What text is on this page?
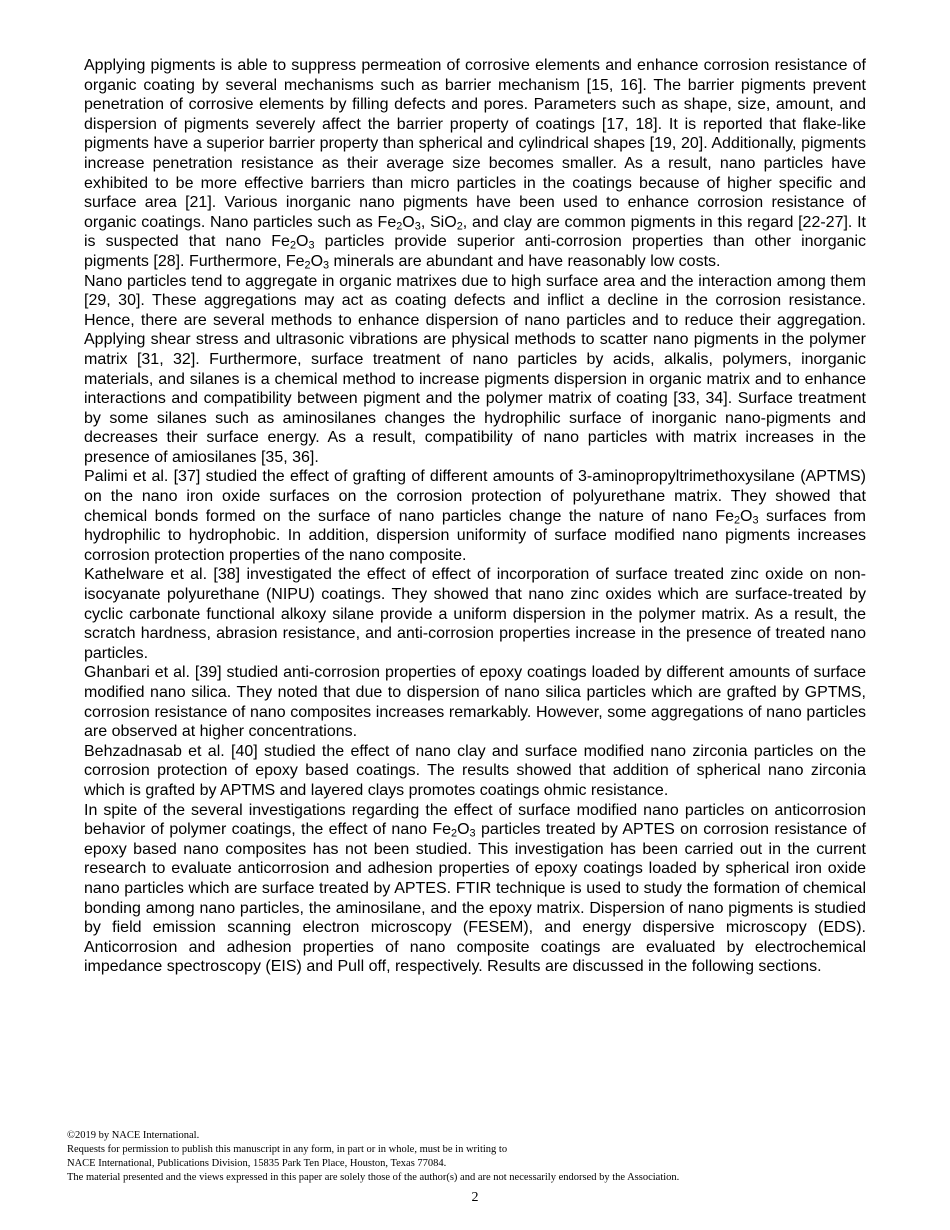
Applying pigments is able to suppress permeation of corrosive elements and enhance corrosion resistance of organic coating by several mechanisms such as barrier mechanism [15, 16]. The barrier pigments prevent penetration of corrosive elements by filling defects and pores. Parameters such as shape, size, amount, and dispersion of pigments severely affect the barrier property of coatings [17, 18]. It is reported that flake-like pigments have a superior barrier property than spherical and cylindrical shapes [19, 20]. Additionally, pigments increase penetration resistance as their average size becomes smaller. As a result, nano particles have exhibited to be more effective barriers than micro particles in the coatings because of higher specific and surface area [21]. Various inorganic nano pigments have been used to enhance corrosion resistance of organic coatings. Nano particles such as $Fe_2O_3$, SiO$_2$, and clay are common pigments in this regard [22-27]. It is suspected that nano $Fe_2O_3$ particles provide superior anti-corrosion properties than other inorganic pigments [28]. Furthermore, $Fe_2O_3$ minerals are abundant and have reasonably low costs.

Nano particles tend to aggregate in organic matrixes due to high surface area and the interaction among them [29, 30]. These aggregations may act as coating defects and inflict a decline in the corrosion resistance. Hence, there are several methods to enhance dispersion of nano particles and to reduce their aggregation. Applying shear stress and ultrasonic vibrations are physical methods to scatter nano pigments in the polymer matrix [31, 32]. Furthermore, surface treatment of nano particles by acids, alkalis, polymers, inorganic materials, and silanes is a chemical method to increase pigments dispersion in organic matrix and to enhance interactions and compatibility between pigment and the polymer matrix of coating [33, 34]. Surface treatment by some silanes such as aminosilanes changes the hydrophilic surface of inorganic nano-pigments and decreases their surface energy. As a result, compatibility of nano particles with matrix increases in the presence of amiosilanes [35, 36].

Palimi et al. [37] studied the effect of grafting of different amounts of 3-aminopropyltrimethoxysilane (APTMS) on the nano iron oxide surfaces on the corrosion protection of polyurethane matrix. They showed that chemical bonds formed on the surface of nano particles change the nature of nano $Fe_2O_3$ surfaces from hydrophilic to hydrophobic. In addition, dispersion uniformity of surface modified nano pigments increases corrosion protection properties of the nano composite.

Kathelware et al. [38] investigated the effect of effect of incorporation of surface treated zinc oxide on non-isocyanate polyurethane (NIPU) coatings. They showed that nano zinc oxides which are surface-treated by cyclic carbonate functional alkoxy silane provide a uniform dispersion in the polymer matrix. As a result, the scratch hardness, abrasion resistance, and anti-corrosion properties increase in the presence of treated nano particles.

Ghanbari et al. [39] studied anti-corrosion properties of epoxy coatings loaded by different amounts of surface modified nano silica. They noted that due to dispersion of nano silica particles which are grafted by GPTMS, corrosion resistance of nano composites increases remarkably. However, some aggregations of nano particles are observed at higher concentrations.

Behzadnasab et al. [40] studied the effect of nano clay and surface modified nano zirconia particles on the corrosion protection of epoxy based coatings. The results showed that addition of spherical nano zirconia which is grafted by APTMS and layered clays promotes coatings ohmic resistance.

In spite of the several investigations regarding the effect of surface modified nano particles on anticorrosion behavior of polymer coatings, the effect of nano $Fe_2O_3$ particles treated by APTES on corrosion resistance of epoxy based nano composites has not been studied. This investigation has been carried out in the current research to evaluate anticorrosion and adhesion properties of epoxy coatings loaded by spherical iron oxide nano particles which are surface treated by APTES. FTIR technique is used to study the formation of chemical bonding among nano particles, the aminosilane, and the epoxy matrix. Dispersion of nano pigments is studied by field emission scanning electron microscopy (FESEM), and energy dispersive microscopy (EDS). Anticorrosion and adhesion properties of nano composite coatings are evaluated by electrochemical impedance spectroscopy (EIS) and Pull off, respectively. Results are discussed in the following sections.

©2019 by NACE International.
Requests for permission to publish this manuscript in any form, in part or in whole, must be in writing to
NACE International, Publications Division, 15835 Park Ten Place, Houston, Texas 77084.
The material presented and the views expressed in this paper are solely those of the author(s) and are not necessarily endorsed by the Association.
2
